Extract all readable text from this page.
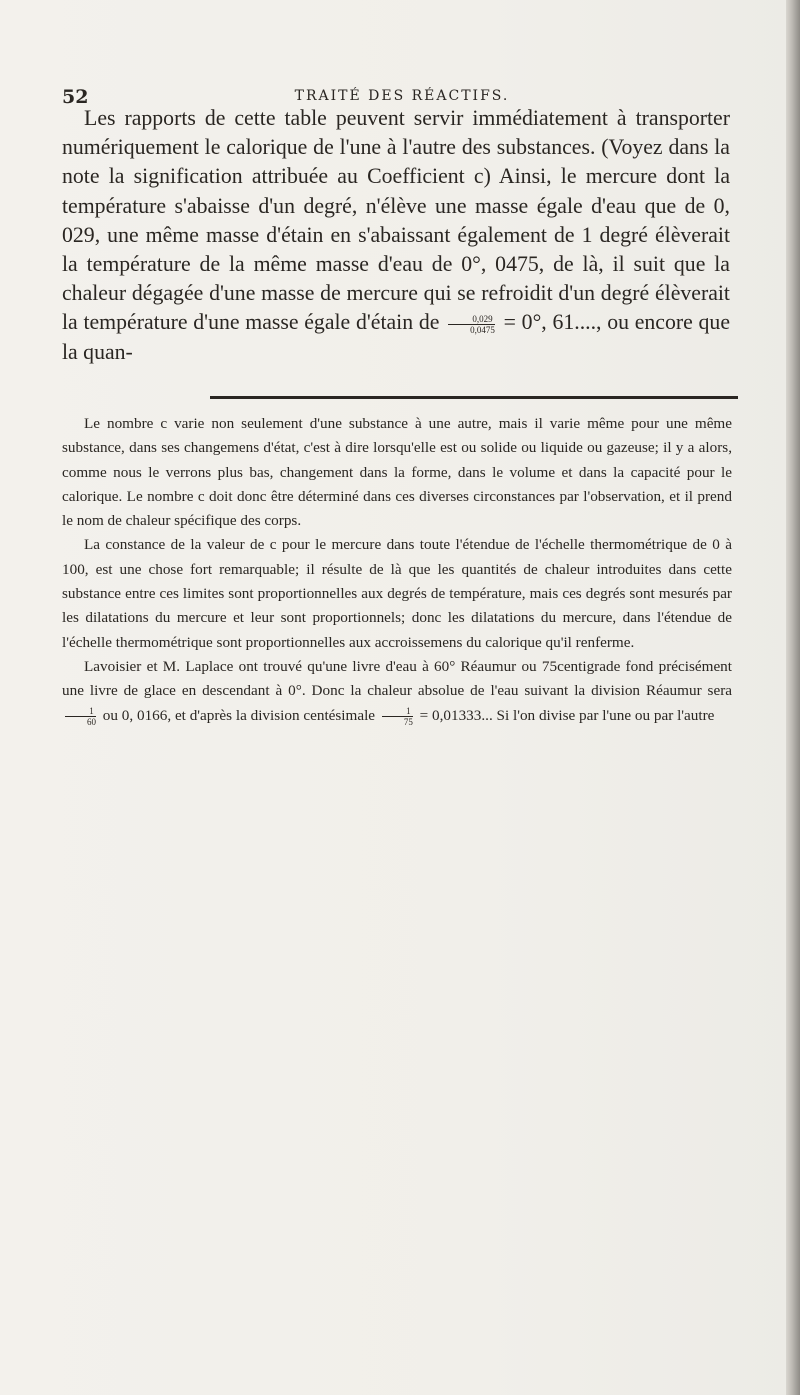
52	TRAITÉ DES RÉACTIFS.

Les rapports de cette table peuvent servir immédiatement à transporter numériquement le calorique de l'une à l'autre des substances. (Voyez dans la note la signification attribuée au Coefficient c) Ainsi, le mercure dont la température s'abaisse d'un degré, n'élève une masse égale d'eau que de 0, 029, une même masse d'étain en s'abaissant également de 1 degré élèverait la température de la même masse d'eau de 0°, 0475, de là, il suit que la chaleur dégagée d'une masse de mercure qui se refroidit d'un degré élèverait la température d'une masse égale d'étain de $\frac{0,029}{0,0475} = 0^\circ$, 61...., ou encore que la quan-

Le nombre c varie non seulement d'une substance à une autre, mais il varie même pour une même substance, dans ses changemens d'état, c'est à dire lorsqu'elle est ou solide ou liquide ou gazeuse; il y a alors, comme nous le verrons plus bas, changement dans la forme, dans le volume et dans la capacité pour le calorique. Le nombre c doit donc être déterminé dans ces diverses circonstances par l'observation, et il prend le nom de chaleur spécifique des corps.

La constance de la valeur de c pour le mercure dans toute l'étendue de l'échelle thermométrique de 0 à 100, est une chose fort remarquable; il résulte de là que les quantités de chaleur introduites dans cette substance entre ces limites sont proportionnelles aux degrés de température, mais ces degrés sont mesurés par les dilatations du mercure et leur sont proportionnels; donc les dilatations du mercure, dans l'étendue de l'échelle thermométrique sont proportionnelles aux accroissemens du calorique qu'il renferme.

Lavoisier et M. Laplace ont trouvé qu'une livre d'eau à 60° Réaumur ou 75centigrade fond précisément une livre de glace en descendant à 0°. Donc la chaleur absolue de l'eau suivant la division Réaumur sera
$\frac{1}{60}$ ou 0, 0166, et d'après la division centésimale $\frac{1}{75} = 0,01333$... Si l'on divise par l'une ou par l'autre
